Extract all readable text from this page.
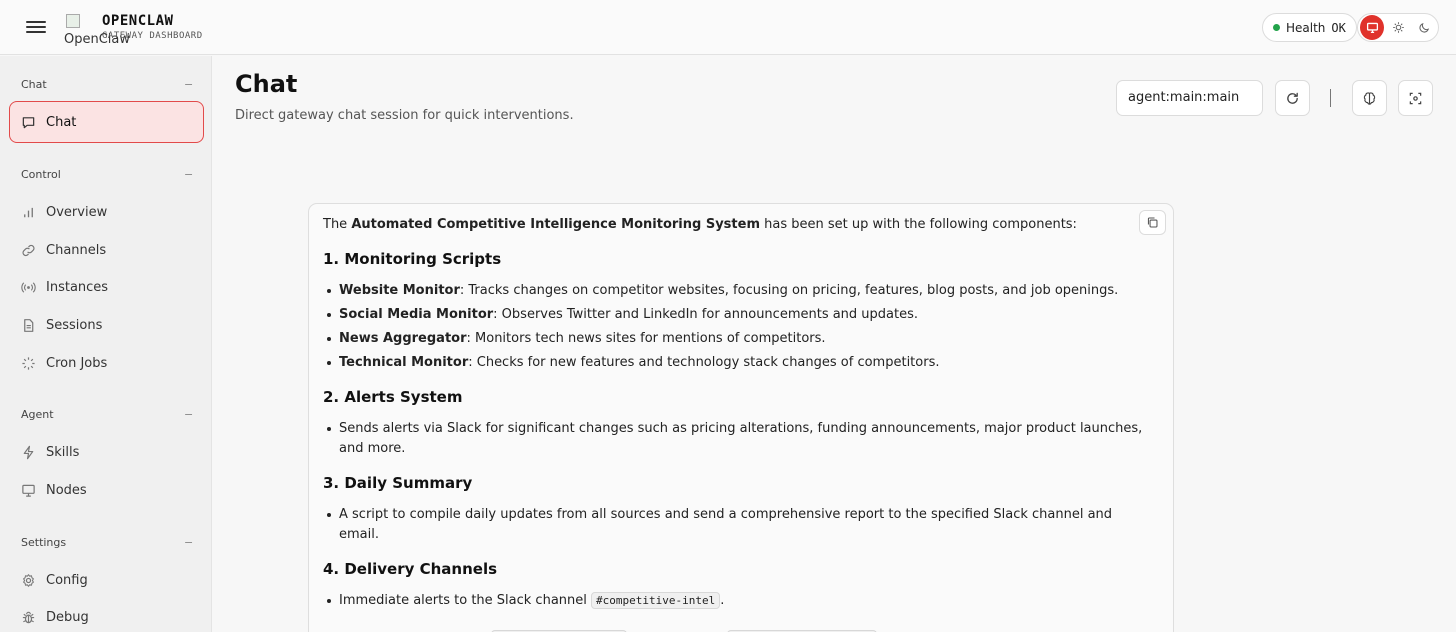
OpenClaw
OPENCLAW
GATEWAY DASHBOARD
Health OK
Chat	−
Chat
Control	−
Overview
Channels
Instances
Sessions
Cron Jobs
Agent	−
Skills
Nodes
Settings	−
Config
Debug
Chat
Direct gateway chat session for quick interventions.
agent:main:main

The Automated Competitive Intelligence Monitoring System has been set up with the following components:

1. Monitoring Scripts
Website Monitor: Tracks changes on competitor websites, focusing on pricing, features, blog posts, and job openings.
Social Media Monitor: Observes Twitter and LinkedIn for announcements and updates.
News Aggregator: Monitors tech news sites for mentions of competitors.
Technical Monitor: Checks for new features and technology stack changes of competitors.
2. Alerts System
Sends alerts via Slack for significant changes such as pricing alterations, funding announcements, major product launches, and more.
3. Daily Summary
A script to compile daily updates from all sources and send a comprehensive report to the specified Slack channel and email.
4. Delivery Channels
Immediate alerts to the Slack channel #competitive-intel .
